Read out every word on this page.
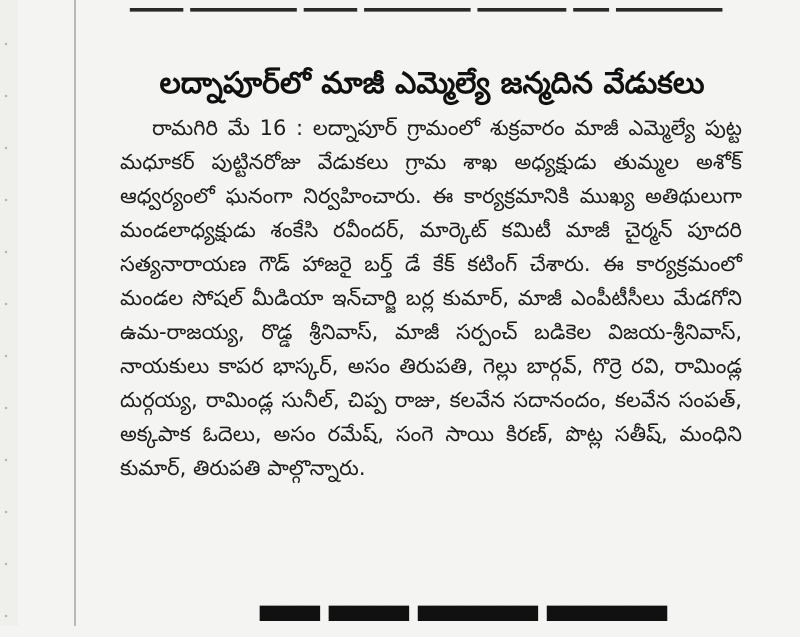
లద్నాపూర్‌లో మాజీ ఎమ్మెల్యే జన్మదిన వేడుకలు

రామగిరి మే 16 : లద్నాపూర్ గ్రామంలో శుక్రవారం మాజీ ఎమ్మెల్యే పుట్ట మధూకర్ పుట్టినరోజు వేడుకలు గ్రామ శాఖ అధ్యక్షుడు తుమ్మల అశోక్ ఆధ్వర్యంలో ఘనంగా నిర్వహించారు. ఈ కార్యక్రమానికి ముఖ్య అతిథులుగా మండలాధ్యక్షుడు శంకేసి రవీందర్, మార్కెట్ కమిటీ మాజీ చైర్మన్ పూదరి సత్యనారాయణ గౌడ్ హాజరై బర్త్ డే కేక్ కటింగ్ చేశారు. ఈ కార్యక్రమంలో మండల సోషల్ మీడియా ఇన్‌చార్జి బర్ల కుమార్, మాజీ ఎంపీటీసీలు మేడగోని ఉమ-రాజయ్య, రొడ్డ శ్రీనివాస్, మాజీ సర్పంచ్ బడికెల విజయ-శ్రీనివాస్, నాయకులు కాపర భాస్కర్, అసం తిరుపతి, గెల్లు బార్గవ్, గొర్రె రవి, రామిండ్ల దుర్గయ్య, రామిండ్ల సునీల్, చిప్ప రాజు, కలవేన సదానందం, కలవేన సంపత్, అక్కపాక ఓదెలు, అసం రమేష్, సంగె సాయి కిరణ్, పొట్ల సతీష్, మంధిని కుమార్, తిరుపతి పాల్గొన్నారు.

▀▀▀ ▀▀▀▀ ▀▀▀▀▀▀ ▀▀▀▀▀▀
